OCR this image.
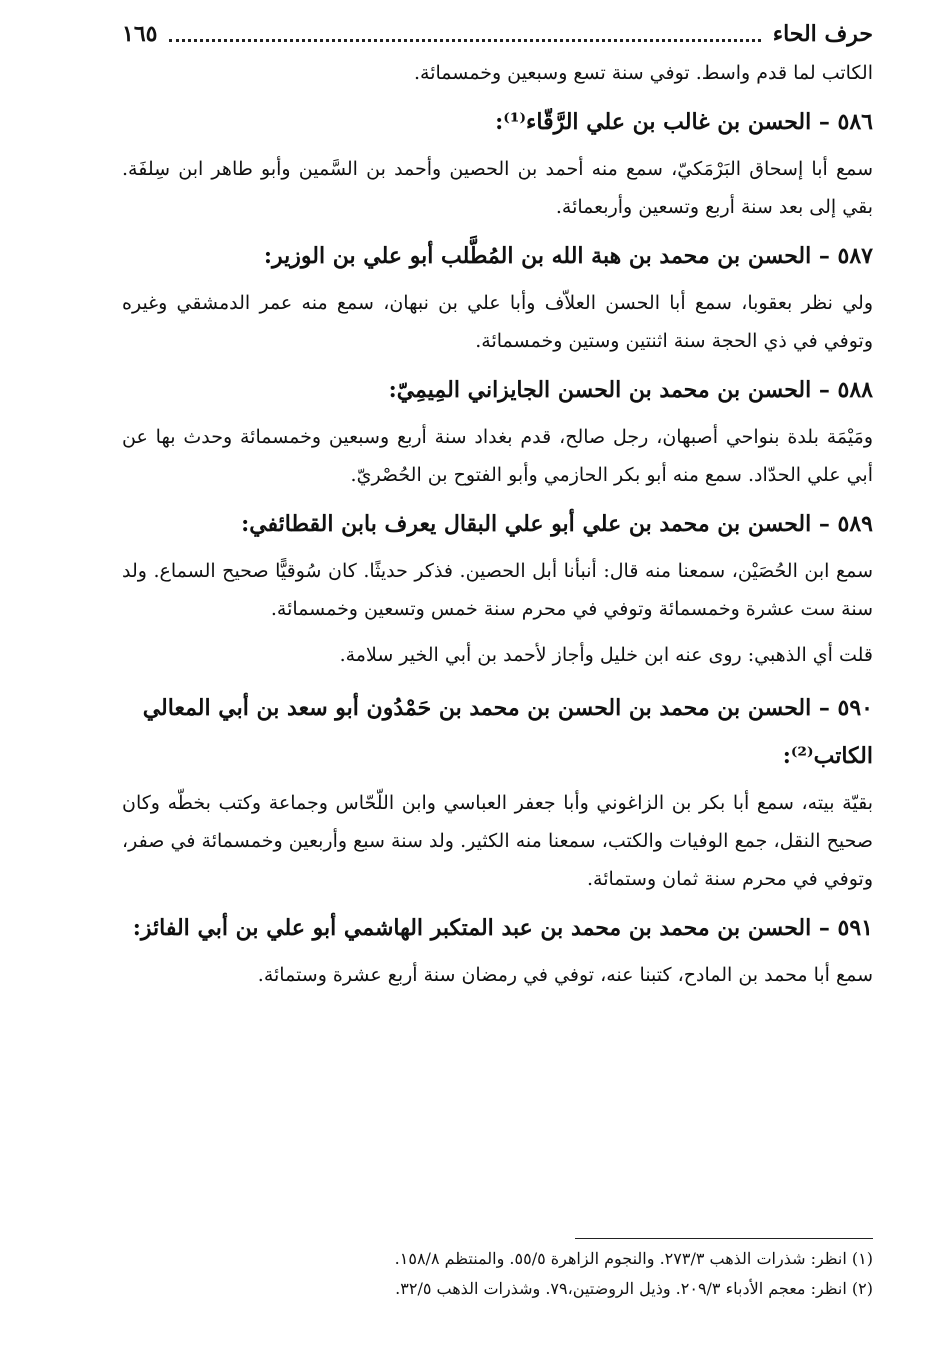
حرف الحاء
١٦٥

الكاتب لما قدم واسط. توفي سنة تسع وسبعين وخمسمائة.

٥٨٦ – الحسن بن غالب بن علي الرَّقّاء⁽¹⁾:

سمع أبا إسحاق البَرْمَكيّ، سمع منه أحمد بن الحصين وأحمد بن السَّمين وأبو طاهر ابن سِلفَة. بقي إلى بعد سنة أربع وتسعين وأربعمائة.

٥٨٧ – الحسن بن محمد بن هبة الله بن المُطَّلب أبو علي بن الوزير:

ولي نظر بعقوبا، سمع أبا الحسن العلاّف وأبا علي بن نبهان، سمع منه عمر الدمشقي وغيره وتوفي في ذي الحجة سنة اثنتين وستين وخمسمائة.

٥٨٨ – الحسن بن محمد بن الحسن الجايزاني المِيمِيّ:

ومَيْمَة بلدة بنواحي أصبهان، رجل صالح، قدم بغداد سنة أربع وسبعين وخمسمائة وحدث بها عن أبي علي الحدّاد. سمع منه أبو بكر الحازمي وأبو الفتوح بن الحُصْريّ.

٥٨٩ – الحسن بن محمد بن علي أبو علي البقال يعرف بابن القطائفي:

سمع ابن الحُصَيْن، سمعنا منه قال: أنبأنا أبل الحصين. فذكر حديثًا. كان سُوقيًّا صحيح السماع. ولد سنة ست عشرة وخمسمائة وتوفي في محرم سنة خمس وتسعين وخمسمائة.

قلت أي الذهبي: روى عنه ابن خليل وأجاز لأحمد بن أبي الخير سلامة.

٥٩٠ – الحسن بن محمد بن الحسن بن محمد بن حَمْدُون أبو سعد بن أبي المعالي الكاتب⁽²⁾:

بقيّة بيته، سمع أبا بكر بن الزاغوني وأبا جعفر العباسي وابن اللّحّاس وجماعة وكتب بخطّه وكان صحيح النقل، جمع الوفيات والكتب، سمعنا منه الكثير. ولد سنة سبع وأربعين وخمسمائة في صفر، وتوفي في محرم سنة ثمان وستمائة.

٥٩١ – الحسن بن محمد بن محمد بن عبد المتكبر الهاشمي أبو علي بن أبي الفائز:

سمع أبا محمد بن المادح، كتبنا عنه، توفي في رمضان سنة أربع عشرة وستمائة.

(١) انظر: شذرات الذهب ٢٧٣/٣. والنجوم الزاهرة ٥٥/٥. والمنتظم ١٥٨/٨.
(٢) انظر: معجم الأدباء ٢٠٩/٣. وذيل الروضتين،٧٩. وشذرات الذهب ٣٢/٥.
